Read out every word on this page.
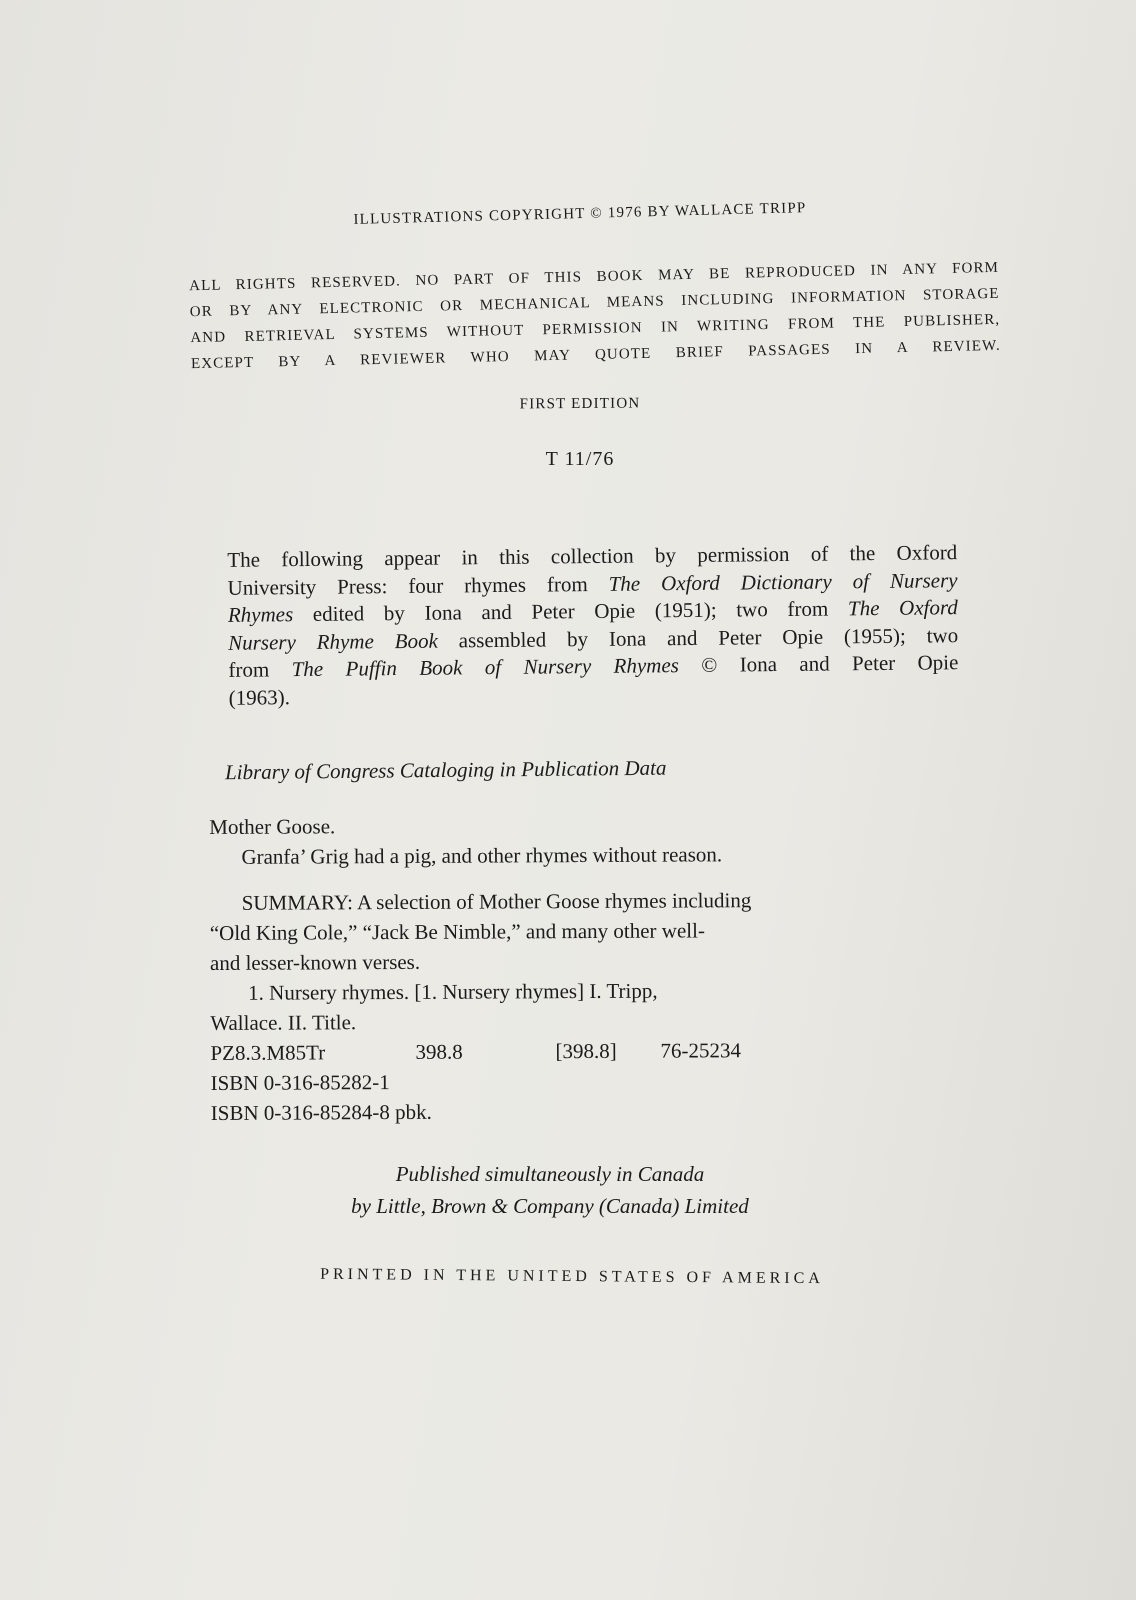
ILLUSTRATIONS COPYRIGHT © 1976 BY WALLACE TRIPP
ALL RIGHTS RESERVED. NO PART OF THIS BOOK MAY BE REPRODUCED IN ANY FORM
OR BY ANY ELECTRONIC OR MECHANICAL MEANS INCLUDING INFORMATION STORAGE
AND RETRIEVAL SYSTEMS WITHOUT PERMISSION IN WRITING FROM THE PUBLISHER,
EXCEPT BY A REVIEWER WHO MAY QUOTE BRIEF PASSAGES IN A REVIEW.
FIRST EDITION
T 11/76
The following appear in this collection by permission of the Oxford
University Press: four rhymes from The Oxford Dictionary of Nursery
Rhymes edited by Iona and Peter Opie (1951); two from The Oxford
Nursery Rhyme Book assembled by Iona and Peter Opie (1955); two
from The Puffin Book of Nursery Rhymes © Iona and Peter Opie
(1963).
Library of Congress Cataloging in Publication Data
Mother Goose.
Granfa’ Grig had a pig, and other rhymes without reason.
SUMMARY: A selection of Mother Goose rhymes including
“Old King Cole,” “Jack Be Nimble,” and many other well-
and lesser-known verses.
1. Nursery rhymes. [1. Nursery rhymes] I. Tripp,
Wallace. II. Title.
PZ8.3.M85Tr	398.8	[398.8] 76-25234
ISBN 0-316-85282-1
ISBN 0-316-85284-8 pbk.
Published simultaneously in Canada
by Little, Brown & Company (Canada) Limited
PRINTED IN THE UNITED STATES OF AMERICA
